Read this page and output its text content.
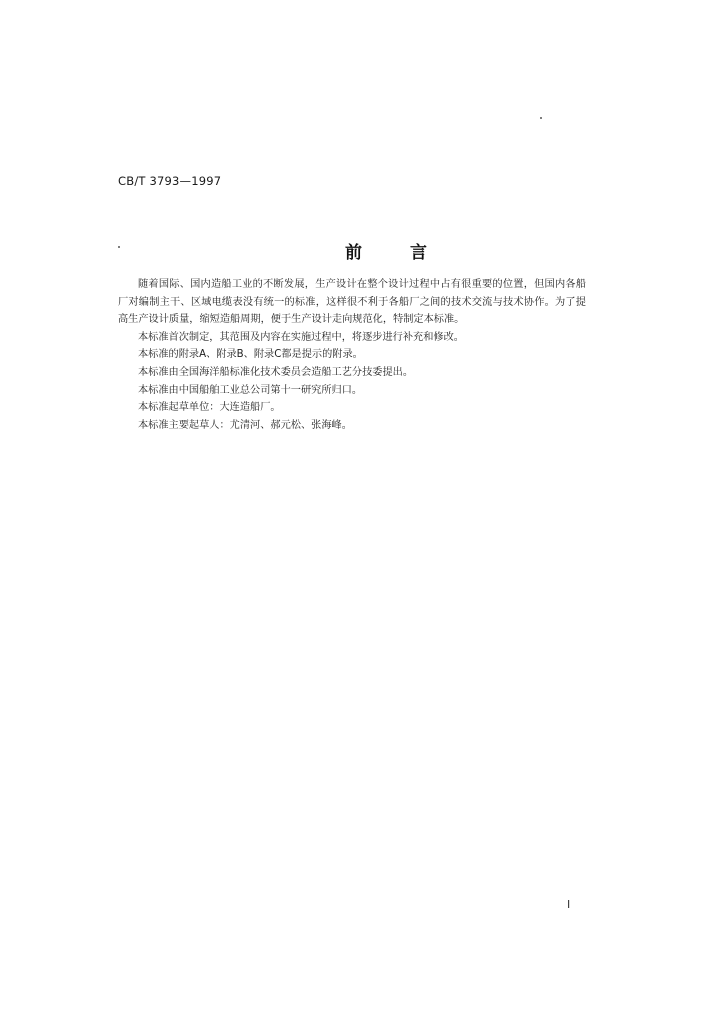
CB/T 3793—1997
前言

随着国际、国内造船工业的不断发展，生产设计在整个设计过程中占有很重要的位置，但国内各船厂对编制主干、区域电缆表没有统一的标准，这样很不利于各船厂之间的技术交流与技术协作。为了提高生产设计质量，缩短造船周期，便于生产设计走向规范化，特制定本标准。

本标准首次制定，其范围及内容在实施过程中，将逐步进行补充和修改。

本标准的附录A、附录B、附录C都是提示的附录。

本标准由全国海洋船标准化技术委员会造船工艺分技委提出。

本标准由中国船舶工业总公司第十一研究所归口。

本标准起草单位：大连造船厂。

本标准主要起草人：尤清河、郝元松、张海峰。

I
